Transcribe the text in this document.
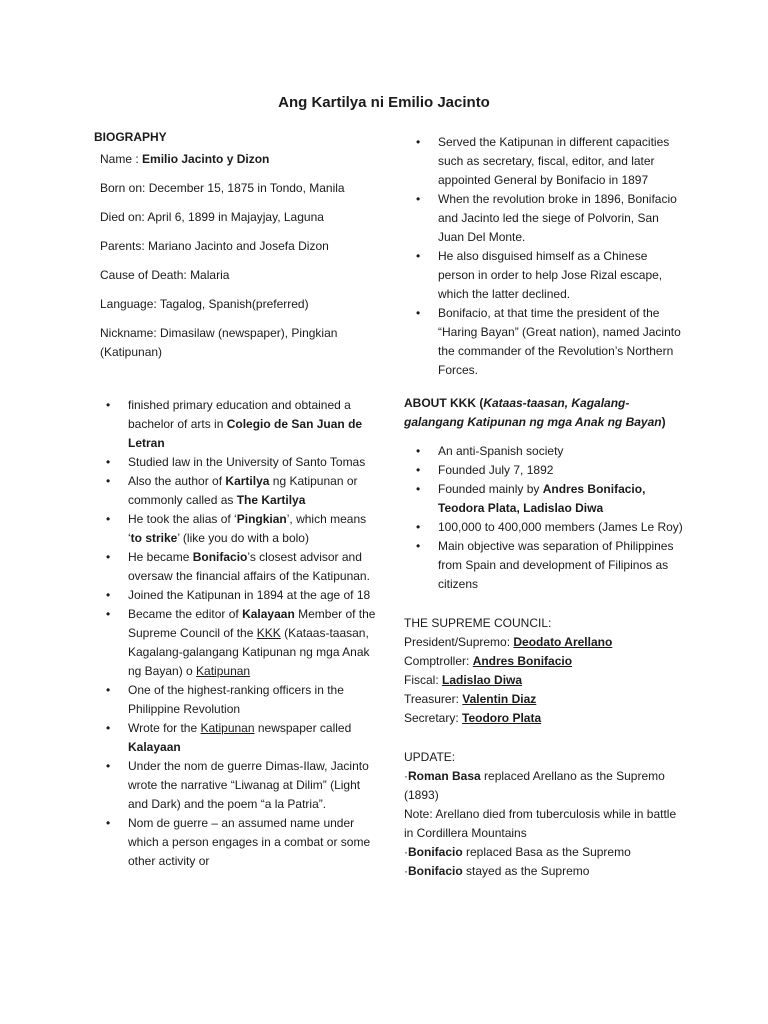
Ang Kartilya ni Emilio Jacinto
BIOGRAPHY
Name : Emilio Jacinto y Dizon
Born on: December 15, 1875 in Tondo, Manila
Died on: April 6, 1899 in Majayjay, Laguna
Parents: Mariano Jacinto and Josefa Dizon
Cause of Death: Malaria
Language: Tagalog, Spanish(preferred)
Nickname: Dimasilaw (newspaper), Pingkian (Katipunan)
• finished primary education and obtained a bachelor of arts in Colegio de San Juan de Letran
• Studied law in the University of Santo Tomas
• Also the author of Kartilya ng Katipunan or commonly called as The Kartilya
• He took the alias of ‘Pingkian’, which means ‘to strike’ (like you do with a bolo)
• He became Bonifacio’s closest advisor and oversaw the financial affairs of the Katipunan.
• Joined the Katipunan in 1894 at the age of 18
• Became the editor of Kalayaan Member of the Supreme Council of the KKK (Kataas-taasan, Kagalang-galangang Katipunan ng mga Anak ng Bayan) o Katipunan
• One of the highest-ranking officers in the Philippine Revolution
• Wrote for the Katipunan newspaper called Kalayaan
• Under the nom de guerre Dimas-Ilaw, Jacinto wrote the narrative “Liwanag at Dilim” (Light and Dark) and the poem “a la Patria”.
• Nom de guerre – an assumed name under which a person engages in a combat or some other activity or
• Served the Katipunan in different capacities such as secretary, fiscal, editor, and later appointed General by Bonifacio in 1897
• When the revolution broke in 1896, Bonifacio and Jacinto led the siege of Polvorin, San Juan Del Monte.
• He also disguised himself as a Chinese person in order to help Jose Rizal escape, which the latter declined.
• Bonifacio, at that time the president of the “Haring Bayan” (Great nation), named Jacinto the commander of the Revolution’s Northern Forces.
ABOUT KKK (Kataas-taasan, Kagalang-galangang Katipunan ng mga Anak ng Bayan)
• An anti-Spanish society
• Founded July 7, 1892
• Founded mainly by Andres Bonifacio, Teodora Plata, Ladislao Diwa
• 100,000 to 400,000 members (James Le Roy)
• Main objective was separation of Philippines from Spain and development of Filipinos as citizens
THE SUPREME COUNCIL:
President/Supremo: Deodato Arellano
Comptroller: Andres Bonifacio
Fiscal: Ladislao Diwa
Treasurer: Valentin Diaz
Secretary: Teodoro Plata
UPDATE:
·Roman Basa replaced Arellano as the Supremo (1893)
Note: Arellano died from tuberculosis while in battle in Cordillera Mountains
·Bonifacio replaced Basa as the Supremo
·Bonifacio stayed as the Supremo
